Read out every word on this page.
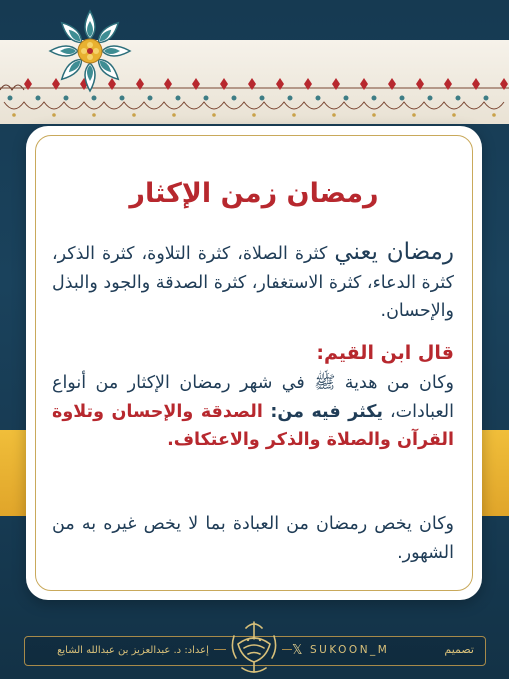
رمضان زمن الإكثار
رمضان يعني كثرة الصلاة، كثرة التلاوة، كثرة الذكر، كثرة الدعاء، كثرة الاستغفار، كثرة الصدقة والجود والبذل والإحسان.
قال ابن القيم:
وكان من هدية ﷺ في شهر رمضان الإكثار من أنواع العبادات، يكثر فيه من: الصدقة والإحسان وتلاوة القرآن والصلاة والذكر والاعتكاف.
وكان يخص رمضان من العبادة بما لا يخص غيره به من الشهور.
إعداد: د. عبدالعزيز بن عبدالله الشايع	𝕏 SUKOON_M	تصميم
